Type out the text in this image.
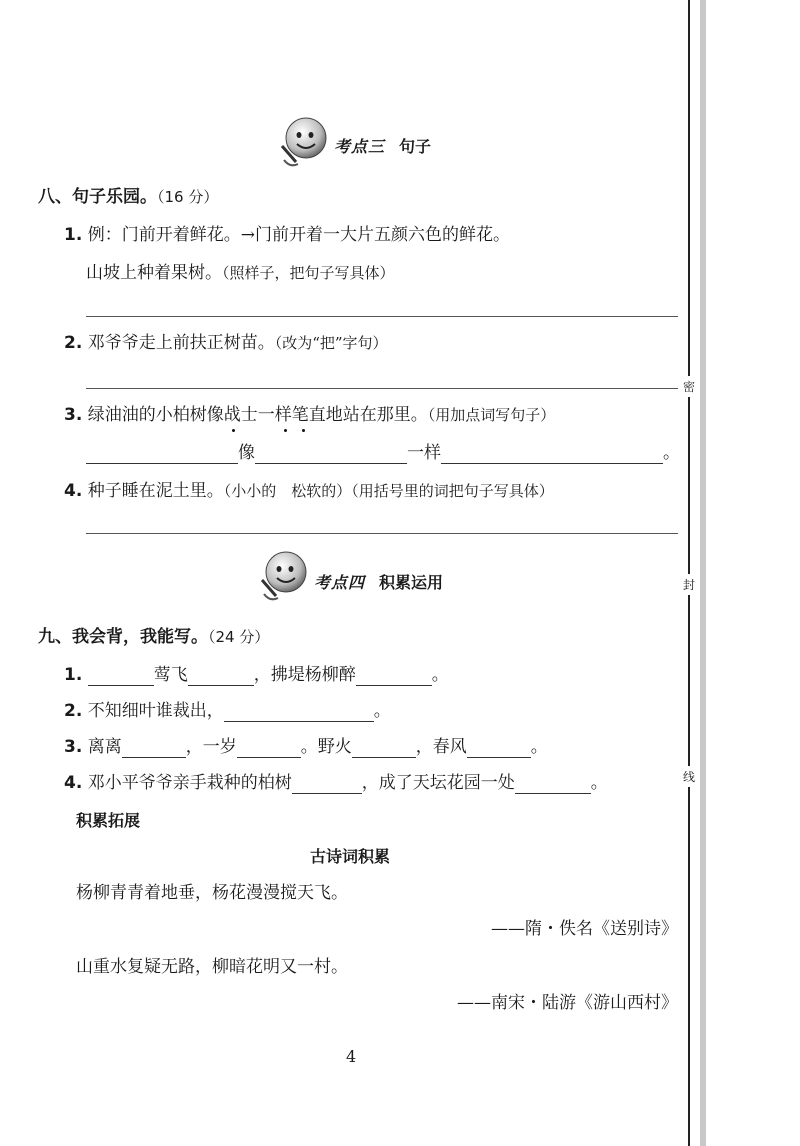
考点三 句子
八、句子乐园。（16 分）
1. 例：门前开着鲜花。→门前开着一大片五颜六色的鲜花。
山坡上种着果树。（照样子，把句子写具体）
2. 邓爷爷走上前扶正树苗。（改为“把”字句）
3. 绿油油的小柏树像战士一样笔直地站在那里。（用加点词写句子）
像	一样	。
4. 种子睡在泥土里。（小小的　松软的）（用括号里的词把句子写具体）
考点四 积累运用
九、我会背，我能写。（24 分）
1.	莺飞	，拂堤杨柳醉	。
2. 不知细叶谁裁出，	。
3. 离离	，一岁	。野火	，春风	。
4. 邓小平爷爷亲手栽种的柏树	，成了天坛花园一处	。
积累拓展
古诗词积累
杨柳青青着地垂，杨花漫漫搅天飞。
——隋・佚名《送别诗》
山重水复疑无路，柳暗花明又一村。
——南宋・陆游《游山西村》
4
密
封
线
